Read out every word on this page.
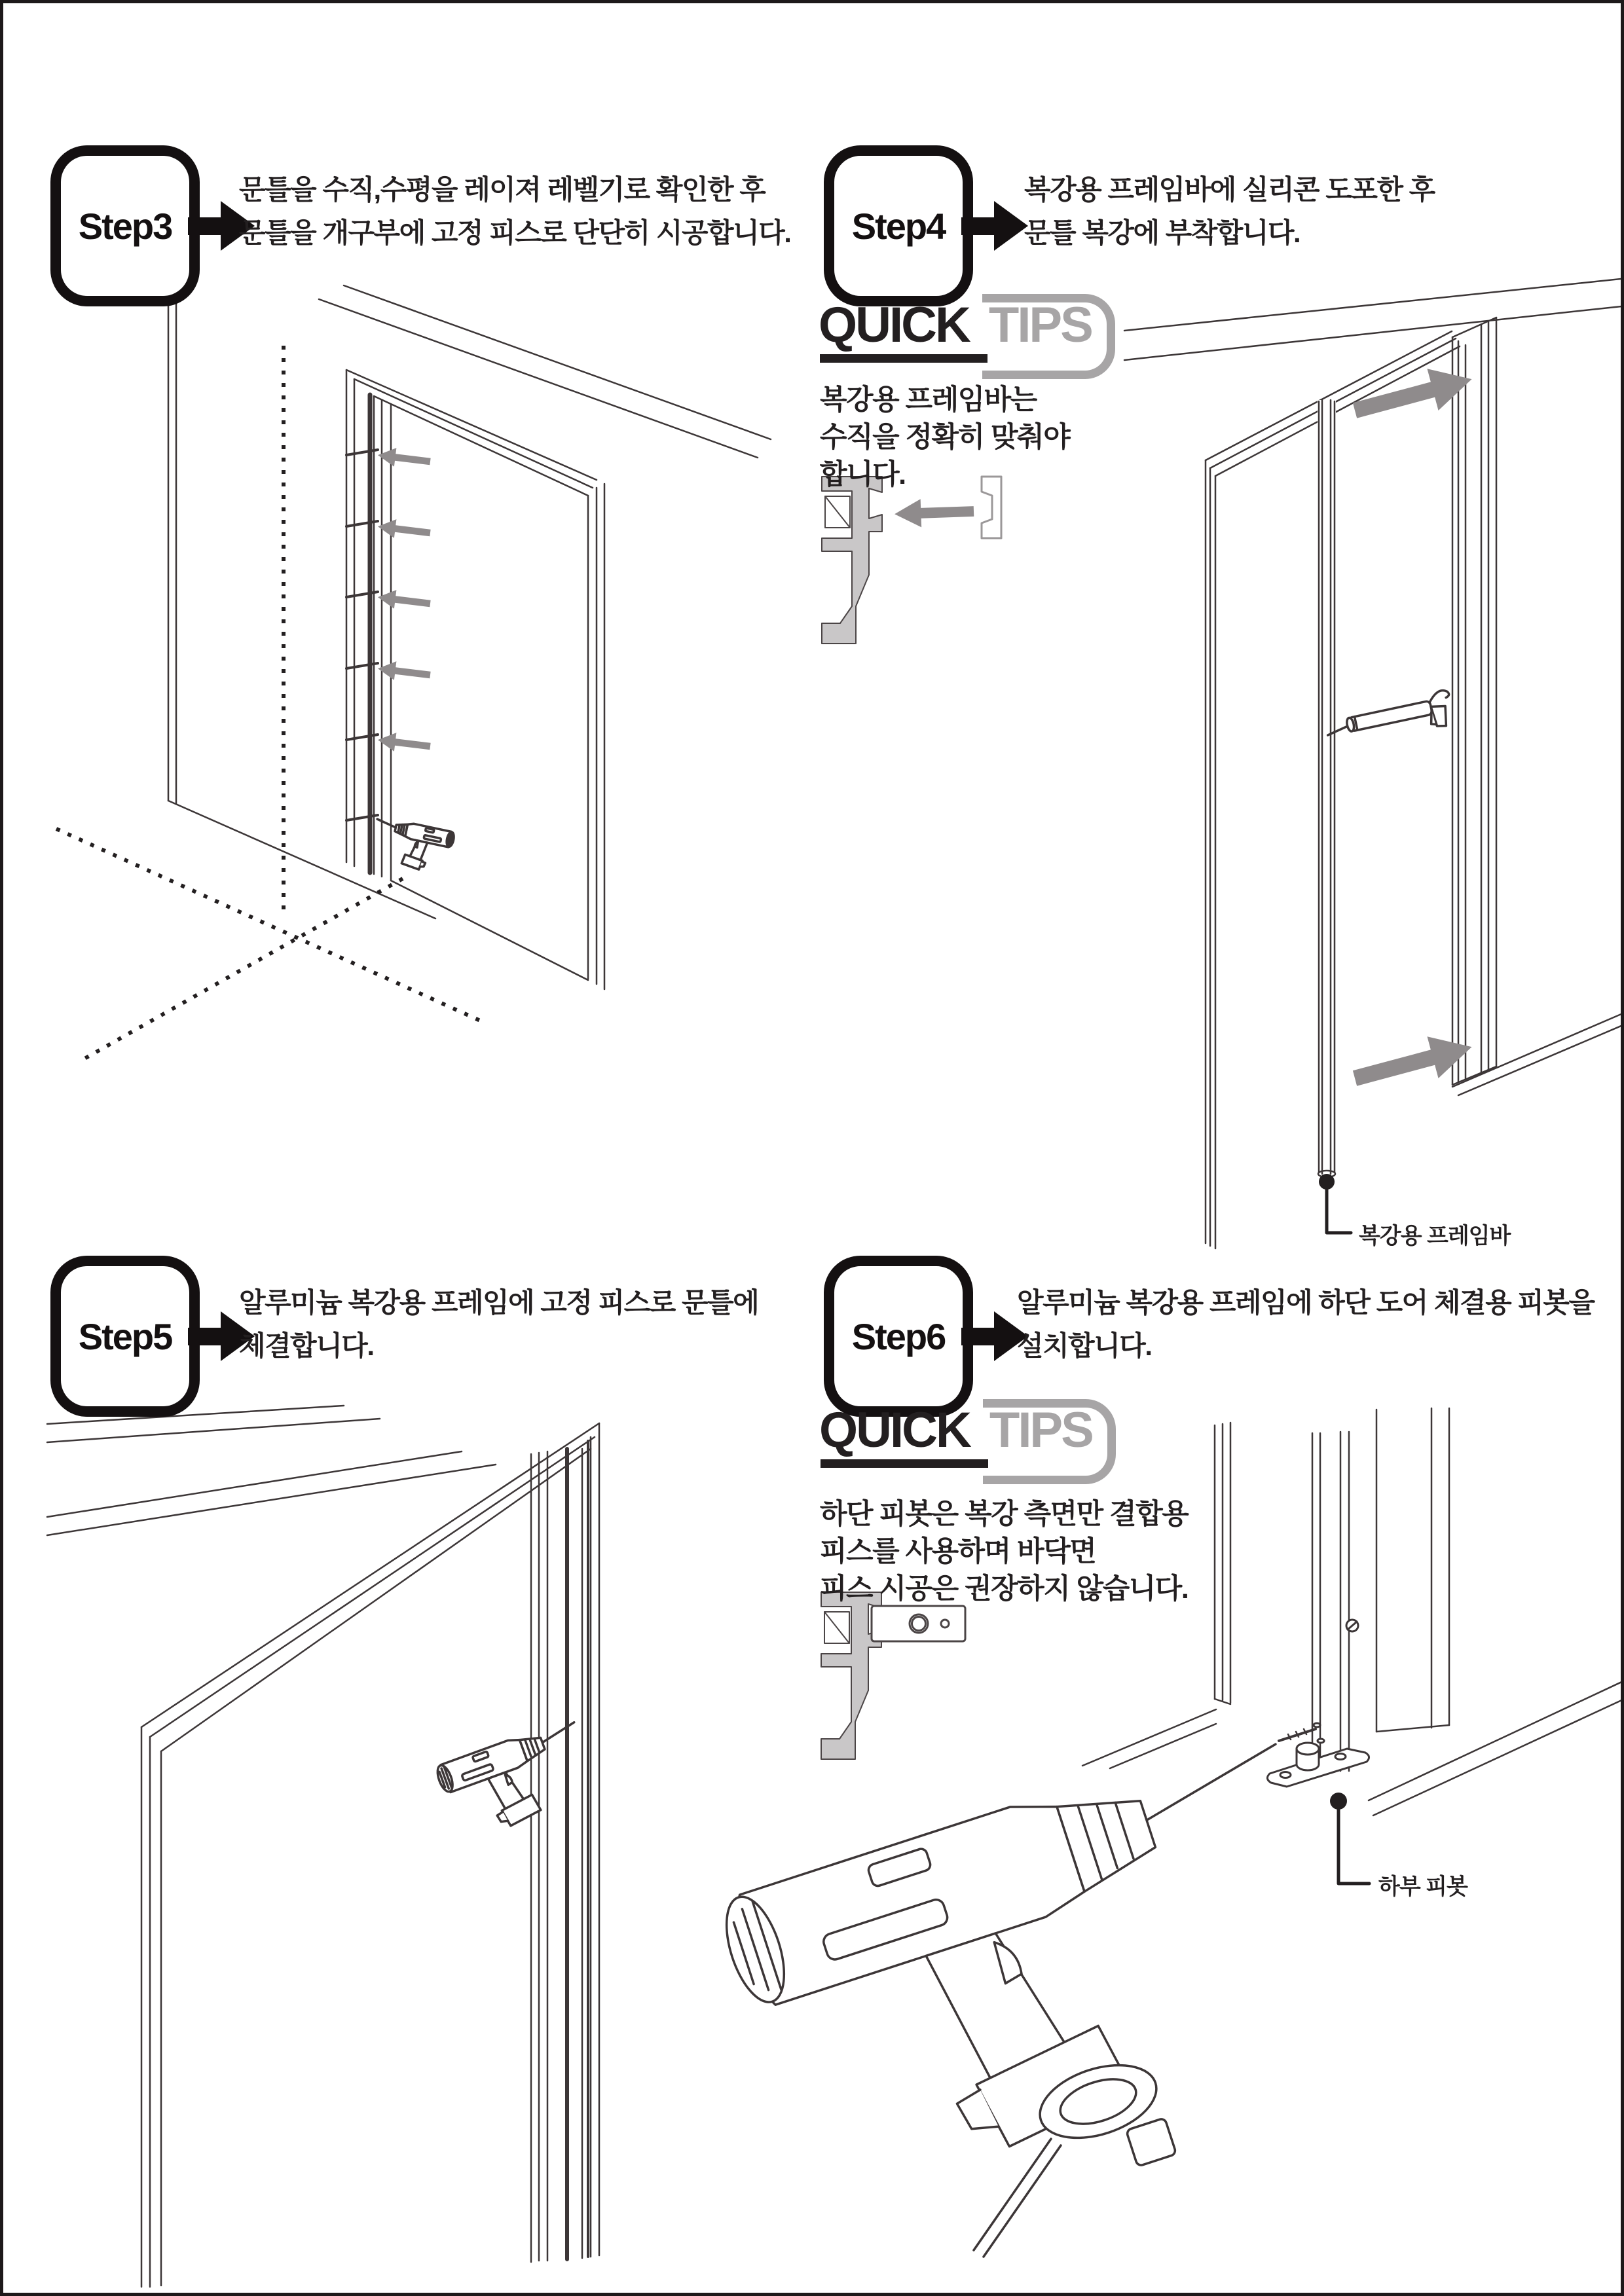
Step3
문틀을 수직,수평을 레이져 레벨기로 확인한 후
문틀을 개구부에 고정 피스로 단단히 시공합니다. Step4
복강용 프레임바에 실리콘 도포한 후
문틀 복강에 부착합니다.
QUICK TIPS
복강용 프레임바는
수직을 정확히 맞춰야
합니다.
복강용 프레임바
Step5
알루미늄 복강용 프레임에 고정 피스로 문틀에
체결합니다.	Step6
알루미늄 복강용 프레임에 하단 도어 체결용 피봇을
설치합니다.
QUICK TIPS
하단 피봇은 복강 측면만 결합용
피스를 사용하며 바닥면
피스 시공은 권장하지 않습니다.
하부 피봇
